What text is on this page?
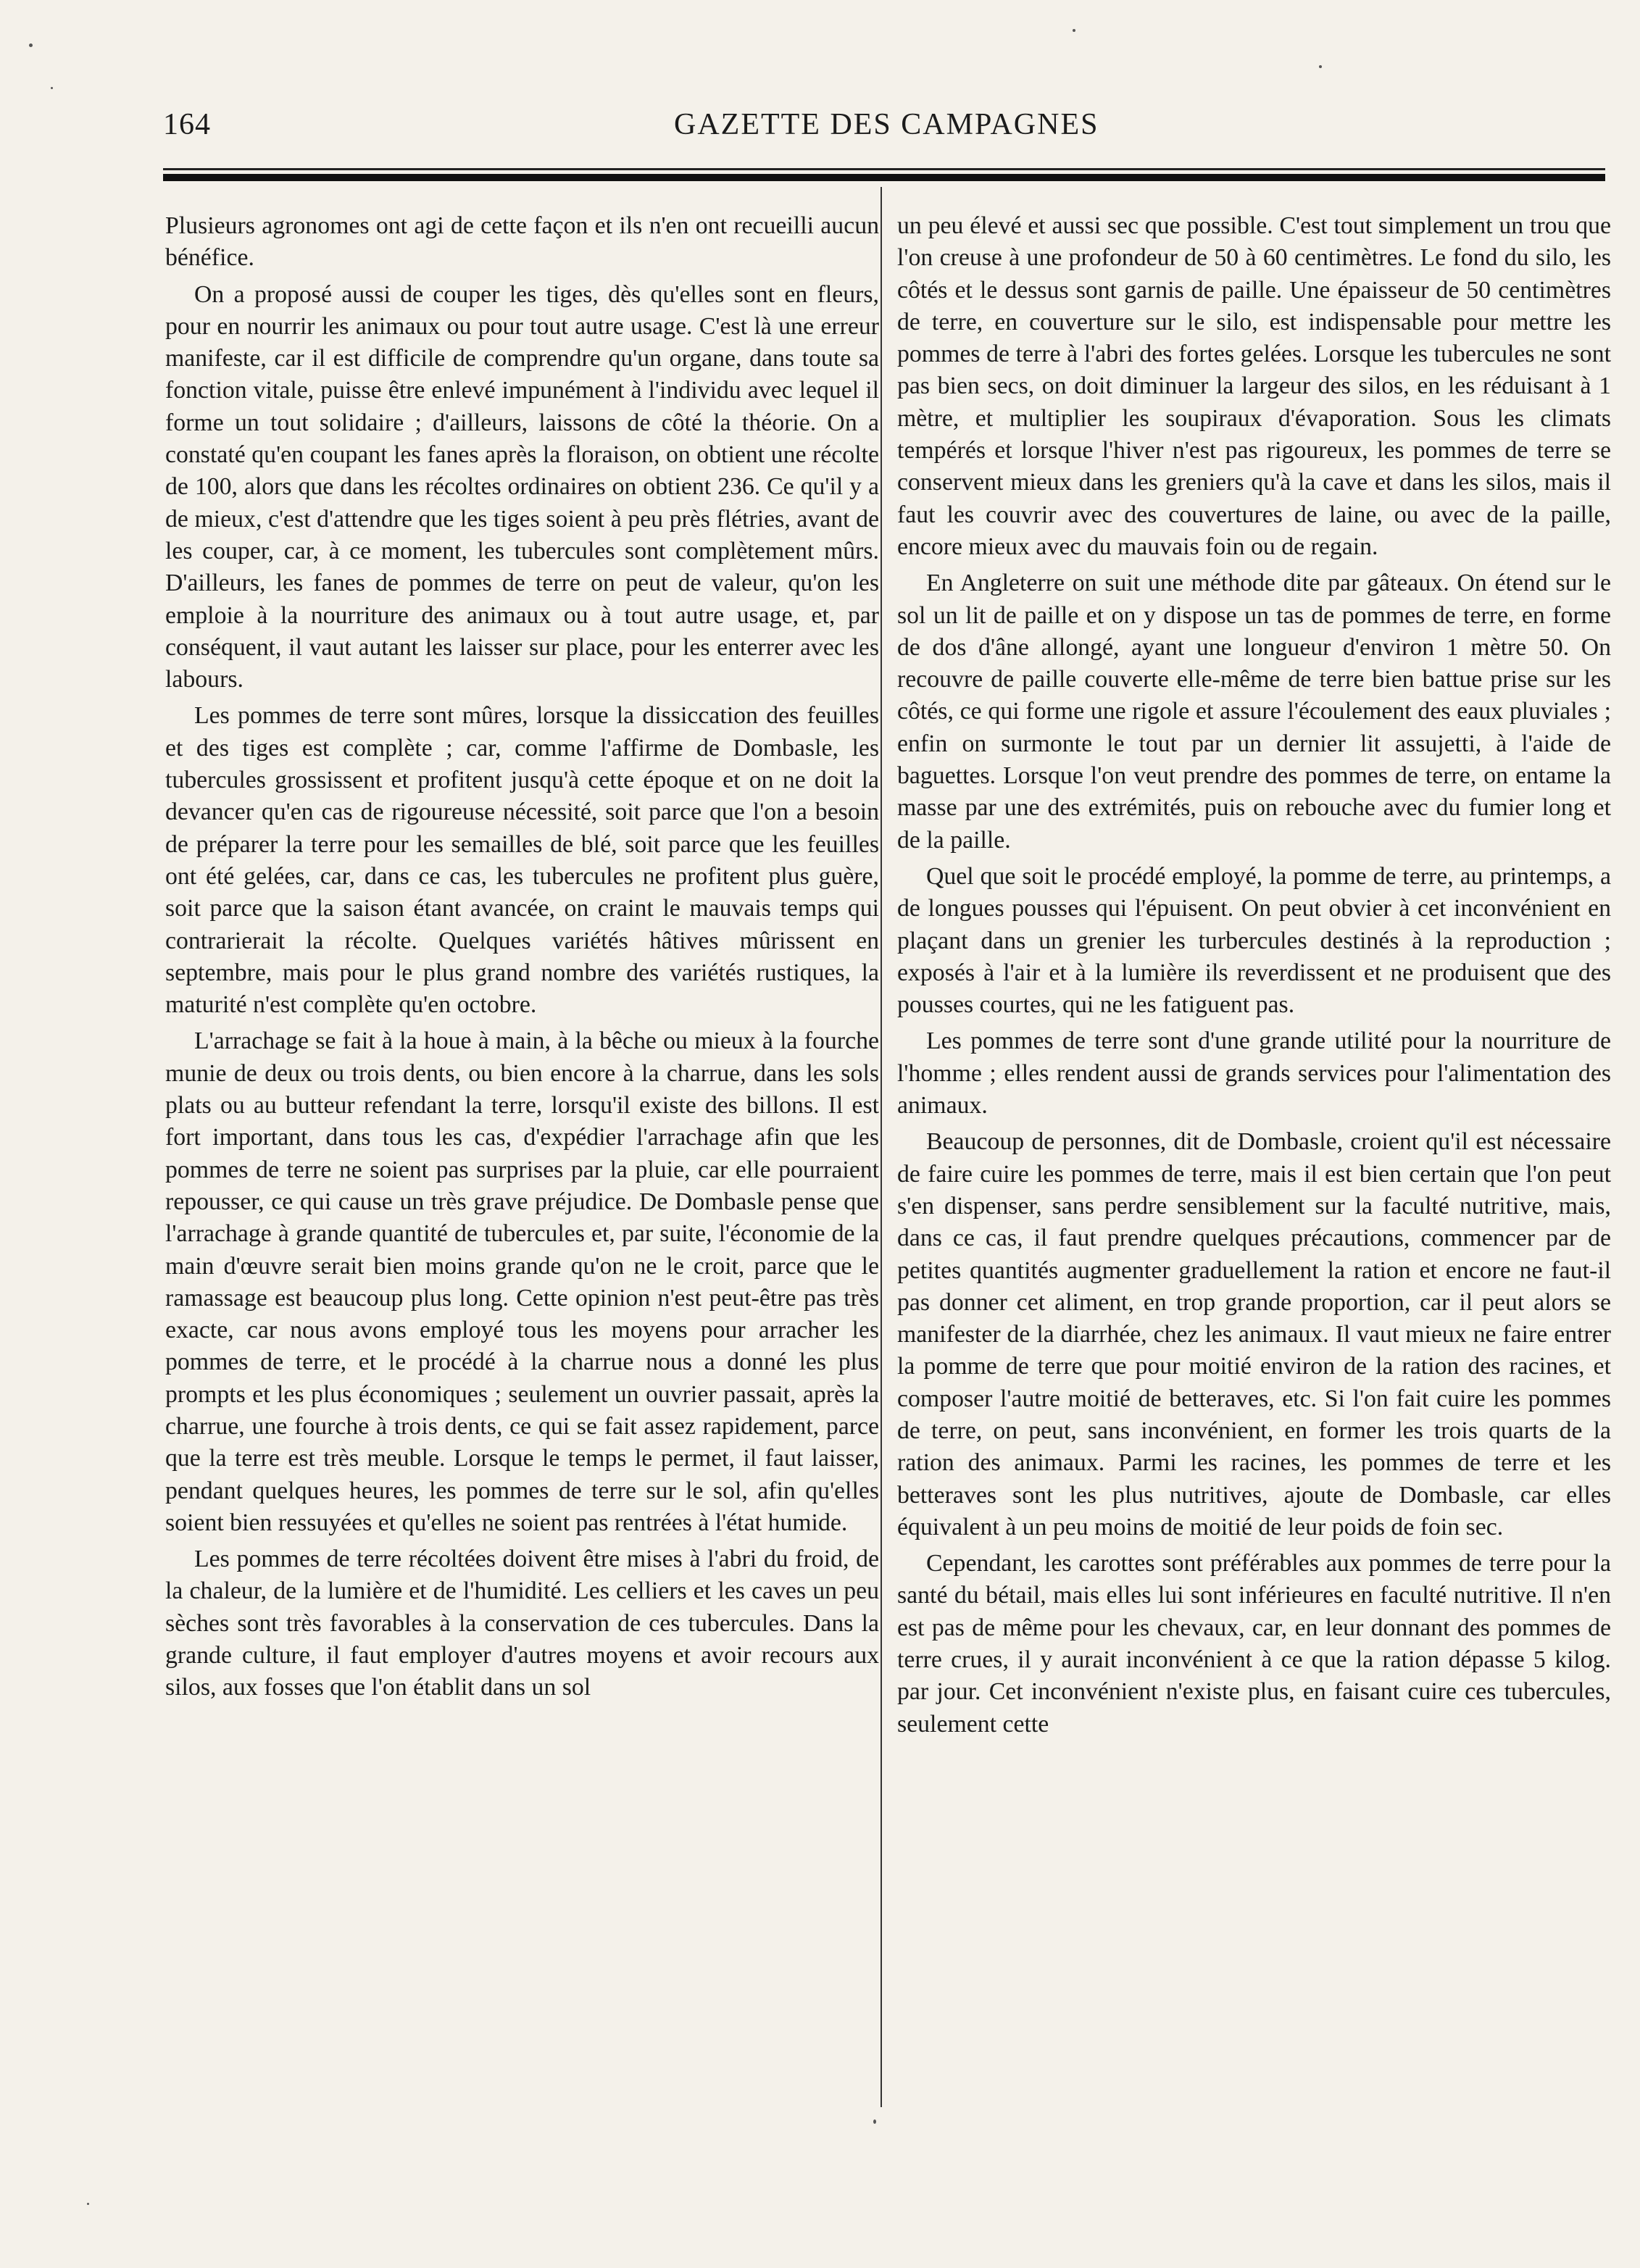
164	GAZETTE DES CAMPAGNES

Plusieurs agronomes ont agi de cette façon et ils n'en ont recueilli aucun bénéfice.

On a proposé aussi de couper les tiges, dès qu'elles sont en fleurs, pour en nourrir les animaux ou pour tout autre usage. C'est là une erreur manifeste, car il est difficile de comprendre qu'un organe, dans toute sa fonction vitale, puisse être enlevé impunément à l'individu avec lequel il forme un tout solidaire ; d'ailleurs, laissons de côté la théorie. On a constaté qu'en coupant les fanes après la floraison, on obtient une récolte de 100, alors que dans les récoltes ordinaires on obtient 236. Ce qu'il y a de mieux, c'est d'attendre que les tiges soient à peu près flétries, avant de les couper, car, à ce moment, les tubercules sont complètement mûrs. D'ailleurs, les fanes de pommes de terre on peut de valeur, qu'on les emploie à la nourriture des animaux ou à tout autre usage, et, par conséquent, il vaut autant les laisser sur place, pour les enterrer avec les labours.

Les pommes de terre sont mûres, lorsque la dissiccation des feuilles et des tiges est complète ; car, comme l'affirme de Dombasle, les tubercules grossissent et profitent jusqu'à cette époque et on ne doit la devancer qu'en cas de rigoureuse nécessité, soit parce que l'on a besoin de préparer la terre pour les semailles de blé, soit parce que les feuilles ont été gelées, car, dans ce cas, les tubercules ne profitent plus guère, soit parce que la saison étant avancée, on craint le mauvais temps qui contrarierait la récolte. Quelques variétés hâtives mûrissent en septembre, mais pour le plus grand nombre des variétés rustiques, la maturité n'est complète qu'en octobre.

L'arrachage se fait à la houe à main, à la bêche ou mieux à la fourche munie de deux ou trois dents, ou bien encore à la charrue, dans les sols plats ou au butteur refendant la terre, lorsqu'il existe des billons. Il est fort important, dans tous les cas, d'expédier l'arrachage afin que les pommes de terre ne soient pas surprises par la pluie, car elle pourraient repousser, ce qui cause un très grave préjudice. De Dombasle pense que l'arrachage à grande quantité de tubercules et, par suite, l'économie de la main d'œuvre serait bien moins grande qu'on ne le croit, parce que le ramassage est beaucoup plus long. Cette opinion n'est peut-être pas très exacte, car nous avons employé tous les moyens pour arracher les pommes de terre, et le procédé à la charrue nous a donné les plus prompts et les plus économiques ; seulement un ouvrier passait, après la charrue, une fourche à trois dents, ce qui se fait assez rapidement, parce que la terre est très meuble. Lorsque le temps le permet, il faut laisser, pendant quelques heures, les pommes de terre sur le sol, afin qu'elles soient bien ressuyées et qu'elles ne soient pas rentrées à l'état humide.

Les pommes de terre récoltées doivent être mises à l'abri du froid, de la chaleur, de la lumière et de l'humidité. Les celliers et les caves un peu sèches sont très favorables à la conservation de ces tubercules. Dans la grande culture, il faut employer d'autres moyens et avoir recours aux silos, aux fosses que l'on établit dans un sol

un peu élevé et aussi sec que possible. C'est tout simplement un trou que l'on creuse à une profondeur de 50 à 60 centimètres. Le fond du silo, les côtés et le dessus sont garnis de paille. Une épaisseur de 50 centimètres de terre, en couverture sur le silo, est indispensable pour mettre les pommes de terre à l'abri des fortes gelées. Lorsque les tubercules ne sont pas bien secs, on doit diminuer la largeur des silos, en les réduisant à 1 mètre, et multiplier les soupiraux d'évaporation. Sous les climats tempérés et lorsque l'hiver n'est pas rigoureux, les pommes de terre se conservent mieux dans les greniers qu'à la cave et dans les silos, mais il faut les couvrir avec des couvertures de laine, ou avec de la paille, encore mieux avec du mauvais foin ou de regain.

En Angleterre on suit une méthode dite par gâteaux. On étend sur le sol un lit de paille et on y dispose un tas de pommes de terre, en forme de dos d'âne allongé, ayant une longueur d'environ 1 mètre 50. On recouvre de paille couverte elle-même de terre bien battue prise sur les côtés, ce qui forme une rigole et assure l'écoulement des eaux pluviales ; enfin on surmonte le tout par un dernier lit assujetti, à l'aide de baguettes. Lorsque l'on veut prendre des pommes de terre, on entame la masse par une des extrémités, puis on rebouche avec du fumier long et de la paille.

Quel que soit le procédé employé, la pomme de terre, au printemps, a de longues pousses qui l'épuisent. On peut obvier à cet inconvénient en plaçant dans un grenier les turbercules destinés à la reproduction ; exposés à l'air et à la lumière ils reverdissent et ne produisent que des pousses courtes, qui ne les fatiguent pas.

Les pommes de terre sont d'une grande utilité pour la nourriture de l'homme ; elles rendent aussi de grands services pour l'alimentation des animaux.

Beaucoup de personnes, dit de Dombasle, croient qu'il est nécessaire de faire cuire les pommes de terre, mais il est bien certain que l'on peut s'en dispenser, sans perdre sensiblement sur la faculté nutritive, mais, dans ce cas, il faut prendre quelques précautions, commencer par de petites quantités augmenter graduellement la ration et encore ne faut-il pas donner cet aliment, en trop grande proportion, car il peut alors se manifester de la diarrhée, chez les animaux. Il vaut mieux ne faire entrer la pomme de terre que pour moitié environ de la ration des racines, et composer l'autre moitié de betteraves, etc. Si l'on fait cuire les pommes de terre, on peut, sans inconvénient, en former les trois quarts de la ration des animaux. Parmi les racines, les pommes de terre et les betteraves sont les plus nutritives, ajoute de Dombasle, car elles équivalent à un peu moins de moitié de leur poids de foin sec.

Cependant, les carottes sont préférables aux pommes de terre pour la santé du bétail, mais elles lui sont inférieures en faculté nutritive. Il n'en est pas de même pour les chevaux, car, en leur donnant des pommes de terre crues, il y aurait inconvénient à ce que la ration dépasse 5 kilog. par jour. Cet inconvénient n'existe plus, en faisant cuire ces tubercules, seulement cette
